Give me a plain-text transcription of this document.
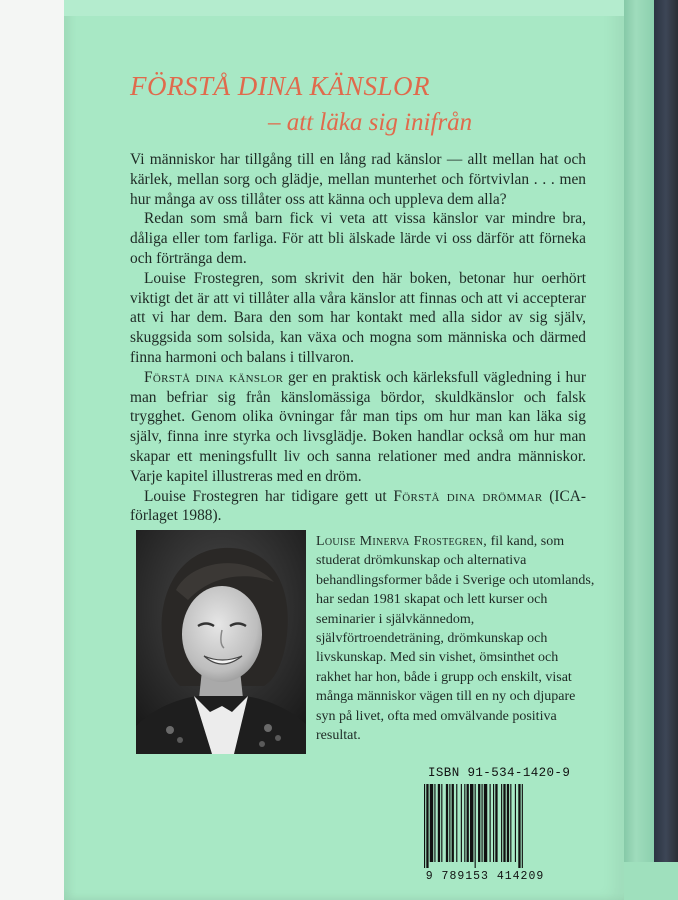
FÖRSTÅ DINA KÄNSLOR
– att läka sig inifrån

Vi människor har tillgång till en lång rad känslor — allt mellan hat och kärlek, mellan sorg och glädje, mellan munterhet och förtvivlan . . . men hur många av oss tillåter oss att känna och uppleva dem alla?

Redan som små barn fick vi veta att vissa känslor var mindre bra, dåliga eller tom farliga. För att bli älskade lärde vi oss därför att förneka och förtränga dem.

Louise Frostegren, som skrivit den här boken, betonar hur oerhört viktigt det är att vi tillåter alla våra känslor att finnas och att vi accepterar att vi har dem. Bara den som har kontakt med alla sidor av sig själv, skuggsida som solsida, kan växa och mogna som människa och därmed finna harmoni och balans i tillvaron.

Förstå dina känslor ger en praktisk och kärleksfull vägledning i hur man befriar sig från känslomässiga bördor, skuldkänslor och falsk trygghet. Genom olika övningar får man tips om hur man kan läka sig själv, finna inre styrka och livsglädje. Boken handlar också om hur man skapar ett meningsfullt liv och sanna relationer med andra människor. Varje kapitel illustreras med en dröm.

Louise Frostegren har tidigare gett ut Förstå dina drömmar (ICA-förlaget 1988).

Louise Minerva Frostegren, fil kand, som studerat drömkunskap och alternativa behandlingsformer både i Sverige och utomlands, har sedan 1981 skapat och lett kurser och seminarier i självkännedom, självförtroendeträning, drömkunskap och livskunskap. Med sin vishet, ömsinthet och rakhet har hon, både i grupp och enskilt, visat många människor vägen till en ny och djupare syn på livet, ofta med omvälvande positiva resultat.
ISBN 91-534-1420-9
9 789153 414209
